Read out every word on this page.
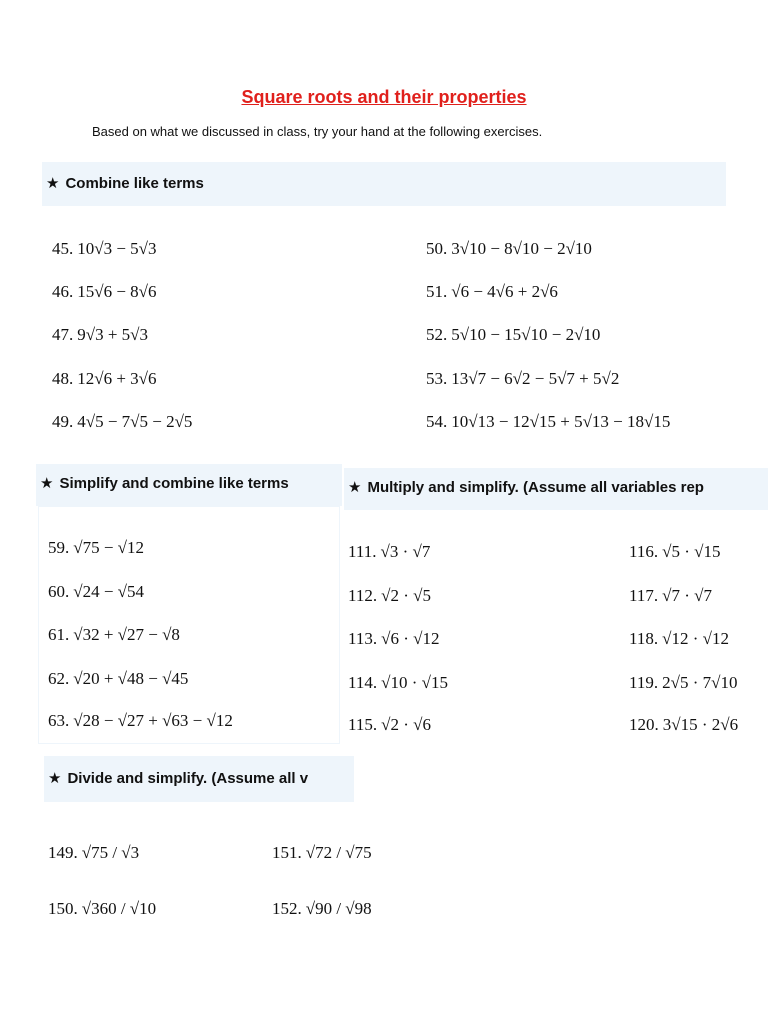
Square roots and their properties
Based on what we discussed in class, try your hand at the following exercises.
★ Combine like terms
45. 10√3 − 5√3
46. 15√6 − 8√6
47. 9√3 + 5√3
48. 12√6 + 3√6
49. 4√5 − 7√5 − 2√5
50. 3√10 − 8√10 − 2√10
51. √6 − 4√6 + 2√6
52. 5√10 − 15√10 − 2√10
53. 13√7 − 6√2 − 5√7 + 5√2
54. 10√13 − 12√15 + 5√13 − 18√15
★ Simplify and combine like terms
59. √75 − √12
60. √24 − √54
61. √32 + √27 − √8
62. √20 + √48 − √45
63. √28 − √27 + √63 − √12
★ Multiply and simplify. (Assume all variables rep
111. √3 · √7
112. √2 · √5
113. √6 · √12
114. √10 · √15
115. √2 · √6
116. √5 · √15
117. √7 · √7
118. √12 · √12
119. 2√5 · 7√10
120. 3√15 · 2√6
★ Divide and simplify. (Assume all v
149. √75 / √3
150. √360 / √10
151. √72 / √75
152. √90 / √98
